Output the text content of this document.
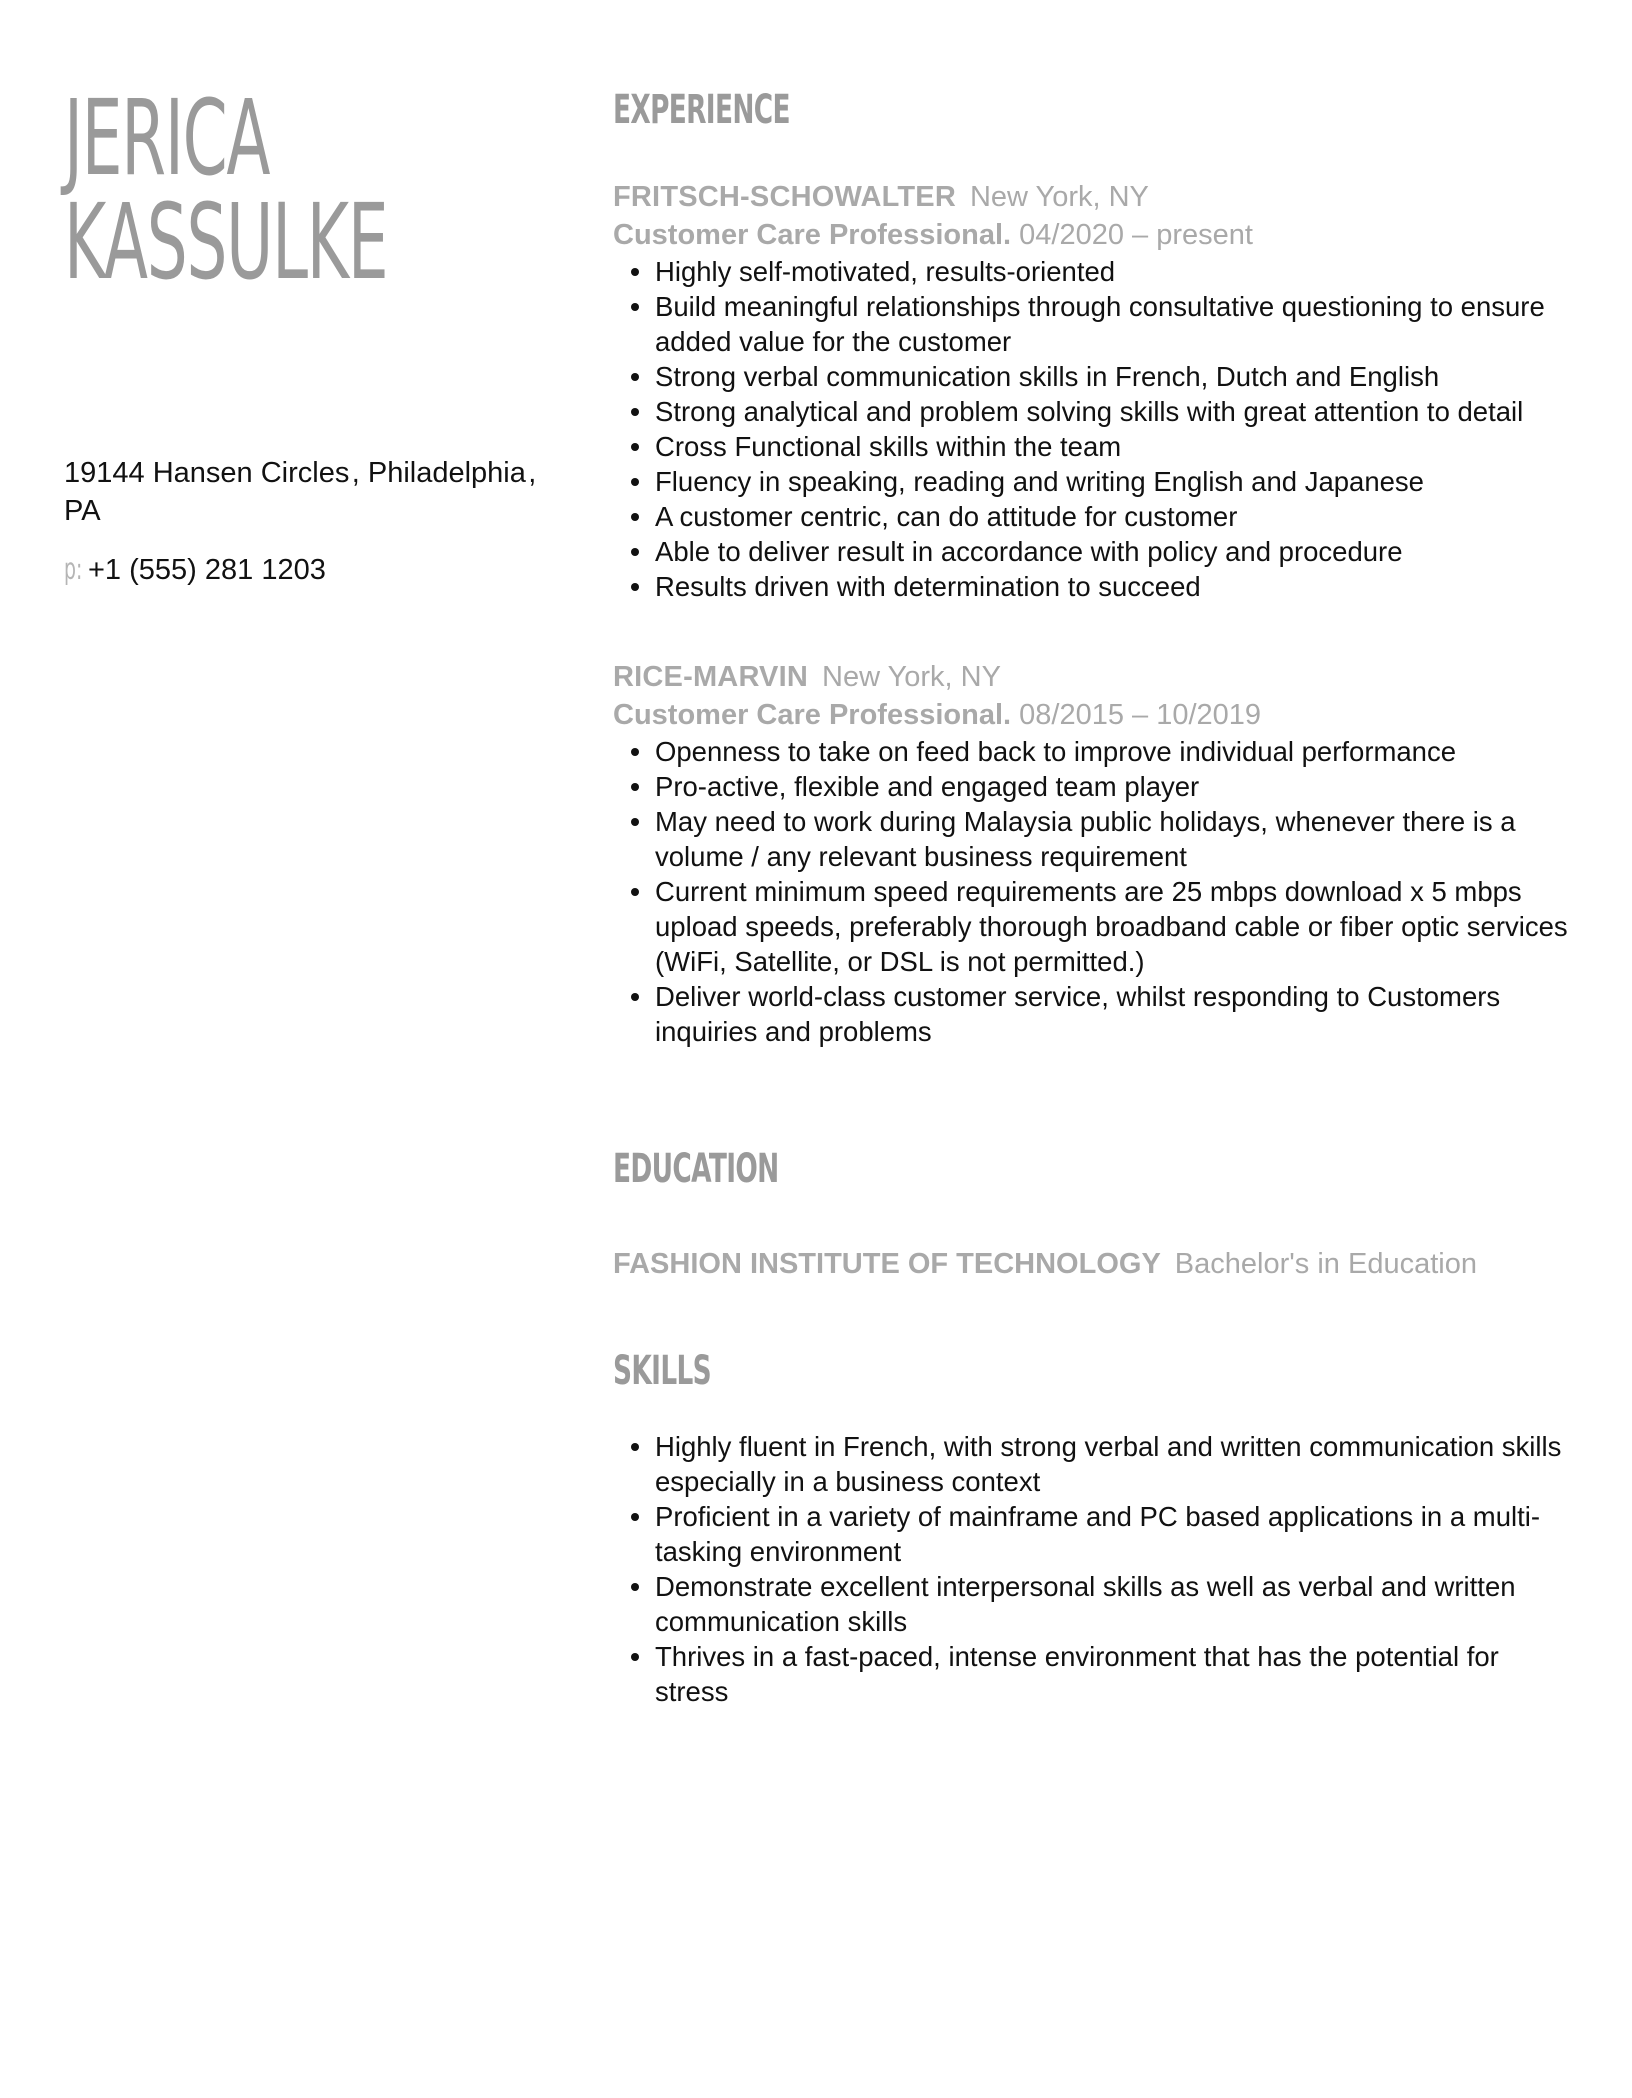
JERICA
KASSULKE
19144 Hansen Circles , Philadelphia , PA
p: +1 (555) 281 1203
EXPERIENCE
FRITSCH-SCHOWALTER New York, NY
Customer Care Professional. 04/2020 – present
Highly self-motivated, results-oriented
Build meaningful relationships through consultative questioning to ensure added value for the customer
Strong verbal communication skills in French, Dutch and English
Strong analytical and problem solving skills with great attention to detail
Cross Functional skills within the team
Fluency in speaking, reading and writing English and Japanese
A customer centric, can do attitude for customer
Able to deliver result in accordance with policy and procedure
Results driven with determination to succeed
RICE-MARVIN New York, NY
Customer Care Professional. 08/2015 – 10/2019
Openness to take on feed back to improve individual performance
Pro-active, flexible and engaged team player
May need to work during Malaysia public holidays, whenever there is a volume / any relevant business requirement
Current minimum speed requirements are 25 mbps download x 5 mbps upload speeds, preferably thorough broadband cable or fiber optic services (WiFi, Satellite, or DSL is not permitted.)
Deliver world-class customer service, whilst responding to Customers inquiries and problems
EDUCATION
FASHION INSTITUTE OF TECHNOLOGY Bachelor's in Education
SKILLS
Highly fluent in French, with strong verbal and written communication skills especially in a business context
Proficient in a variety of mainframe and PC based applications in a multi-tasking environment
Demonstrate excellent interpersonal skills as well as verbal and written communication skills
Thrives in a fast-paced, intense environment that has the potential for stress
